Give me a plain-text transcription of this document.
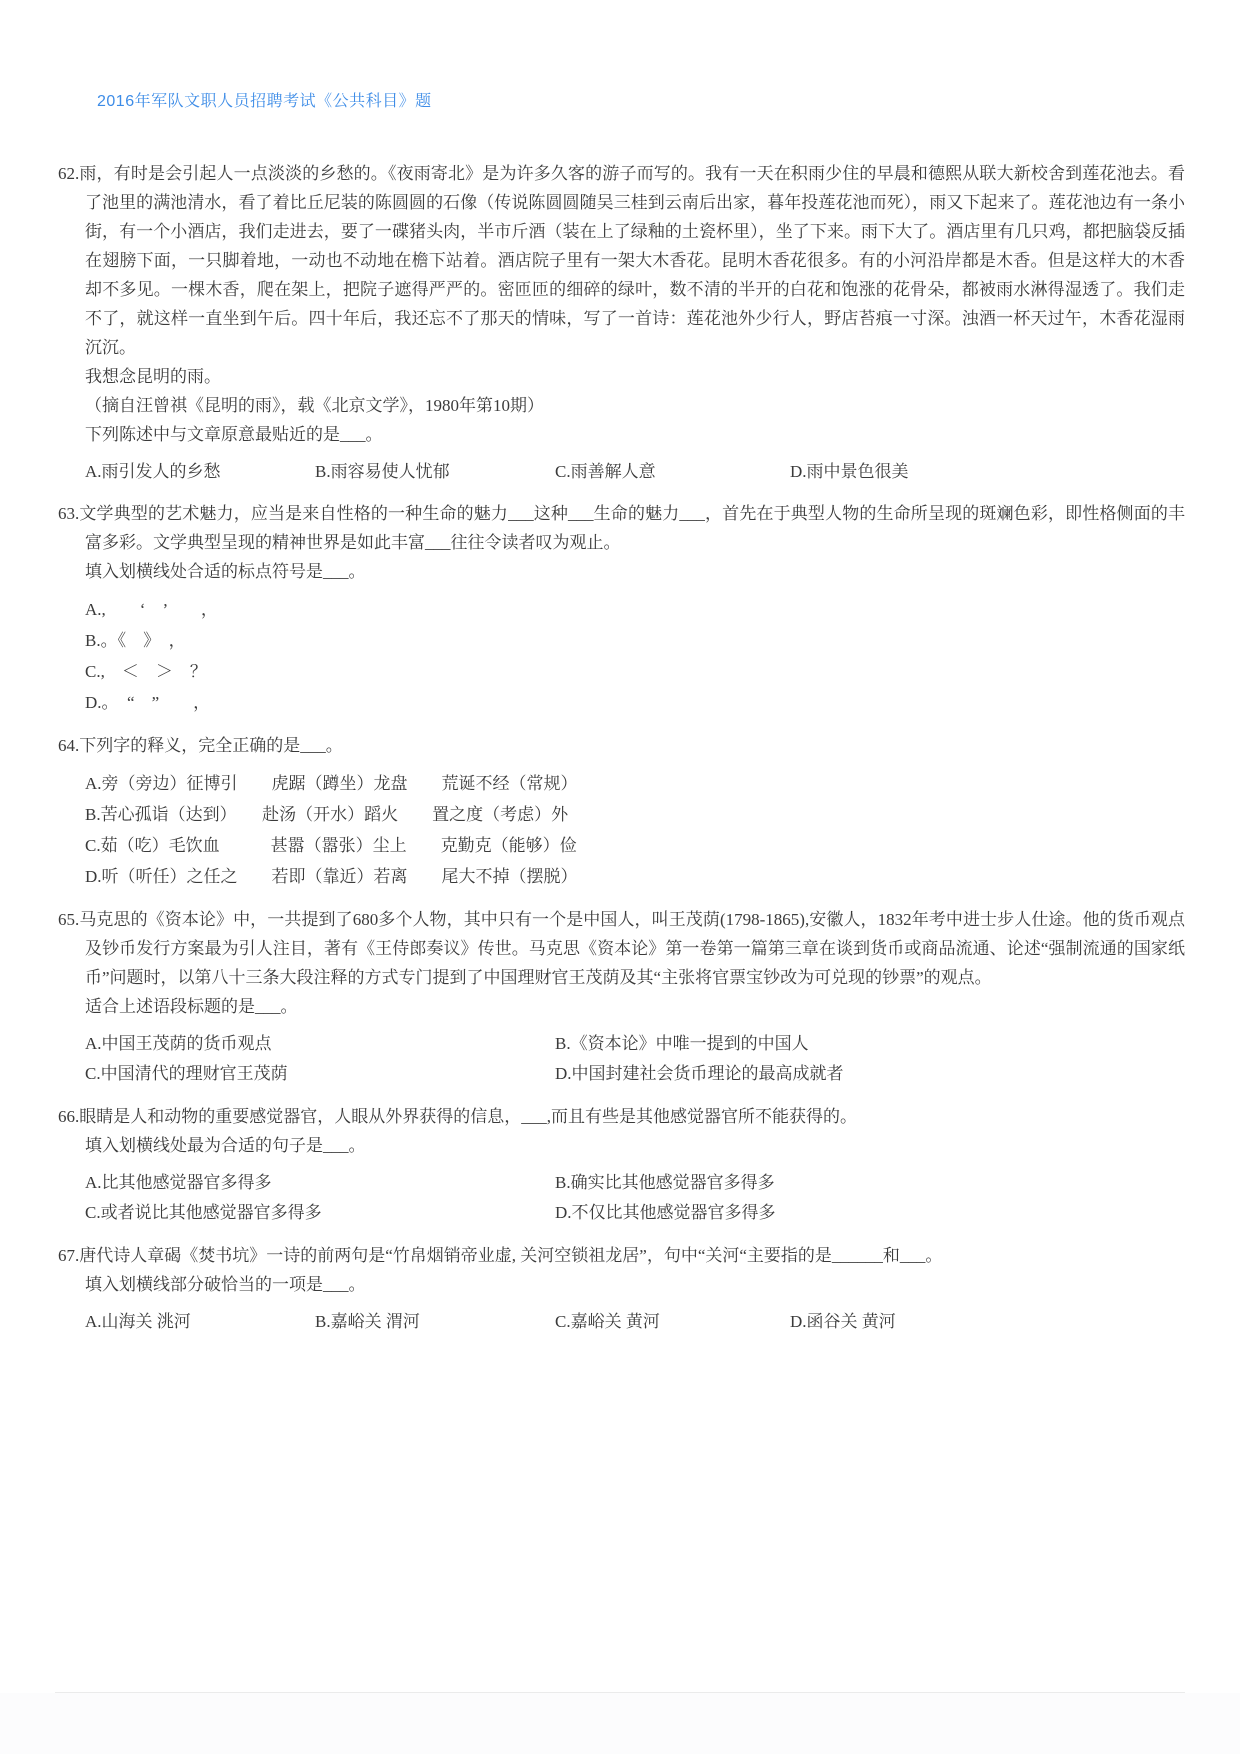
2016年军队文职人员招聘考试《公共科目》题
62.雨，有时是会引起人一点淡淡的乡愁的。《夜雨寄北》是为许多久客的游子而写的。我有一天在积雨少住的早晨和德熙从联大新校舍到莲花池去。看了池里的满池清水，看了着比丘尼装的陈圆圆的石像（传说陈圆圆随吴三桂到云南后出家，暮年投莲花池而死），雨又下起来了。莲花池边有一条小街，有一个小酒店，我们走进去，要了一碟猪头肉，半市斤酒（装在上了绿釉的土瓷杯里），坐了下来。雨下大了。酒店里有几只鸡，都把脑袋反插在翅膀下面，一只脚着地，一动也不动地在檐下站着。酒店院子里有一架大木香花。昆明木香花很多。有的小河沿岸都是木香。但是这样大的木香却不多见。一棵木香，爬在架上，把院子遮得严严的。密匝匝的细碎的绿叶，数不清的半开的白花和饱涨的花骨朵，都被雨水淋得湿透了。我们走不了，就这样一直坐到午后。四十年后，我还忘不了那天的情味，写了一首诗：莲花池外少行人，野店苔痕一寸深。浊酒一杯天过午，木香花湿雨沉沉。
我想念昆明的雨。
（摘自汪曾祺《昆明的雨》，载《北京文学》，1980年第10期）
下列陈述中与文章原意最贴近的是___。
A.雨引发人的乡愁	B.雨容易使人忧郁	C.雨善解人意	D.雨中景色很美
63.文学典型的艺术魅力，应当是来自性格的一种生命的魅力___这种___生命的魅力___，首先在于典型人物的生命所呈现的斑斓色彩，即性格侧面的丰富多彩。文学典型呈现的精神世界是如此丰富___往往令读者叹为观止。
填入划横线处合适的标点符号是___。
A.,　　‘　’　　，
B.。《　》　，
C.,　＜　＞　？
D.。　“　”　　，
64.下列字的释义，完全正确的是___。
A.旁（旁边）征博引　　虎踞（蹲坐）龙盘　　荒诞不经（常规）
B.苦心孤诣（达到）　　赴汤（开水）蹈火　　置之度（考虑）外
C.茹（吃）毛饮血　　　甚嚣（嚣张）尘上　　克勤克（能够）俭
D.听（听任）之任之　　若即（靠近）若离　　尾大不掉（摆脱）
65.马克思的《资本论》中，一共提到了680多个人物，其中只有一个是中国人，叫王茂荫(1798-1865),安徽人，1832年考中进士步人仕途。他的货币观点及钞币发行方案最为引人注目，著有《王侍郎奏议》传世。马克思《资本论》第一卷第一篇第三章在谈到货币或商品流通、论述“强制流通的国家纸币”问题时，以第八十三条大段注释的方式专门提到了中国理财官王茂荫及其“主张将官票宝钞改为可兑现的钞票”的观点。
适合上述语段标题的是___。
A.中国王茂荫的货币观点	B.《资本论》中唯一提到的中国人
C.中国清代的理财官王茂荫	D.中国封建社会货币理论的最高成就者
66.眼睛是人和动物的重要感觉器官，人眼从外界获得的信息，___,而且有些是其他感觉器官所不能获得的。
填入划横线处最为合适的句子是___。
A.比其他感觉器官多得多	B.确实比其他感觉器官多得多
C.或者说比其他感觉器官多得多	D.不仅比其他感觉器官多得多
67.唐代诗人章碣《焚书坑》一诗的前两句是“竹帛烟销帝业虚, 关河空锁祖龙居”，句中“关河“主要指的是______和___。
填入划横线部分破恰当的一项是___。
A.山海关 洮河	B.嘉峪关 渭河	C.嘉峪关 黄河	D.函谷关 黄河
